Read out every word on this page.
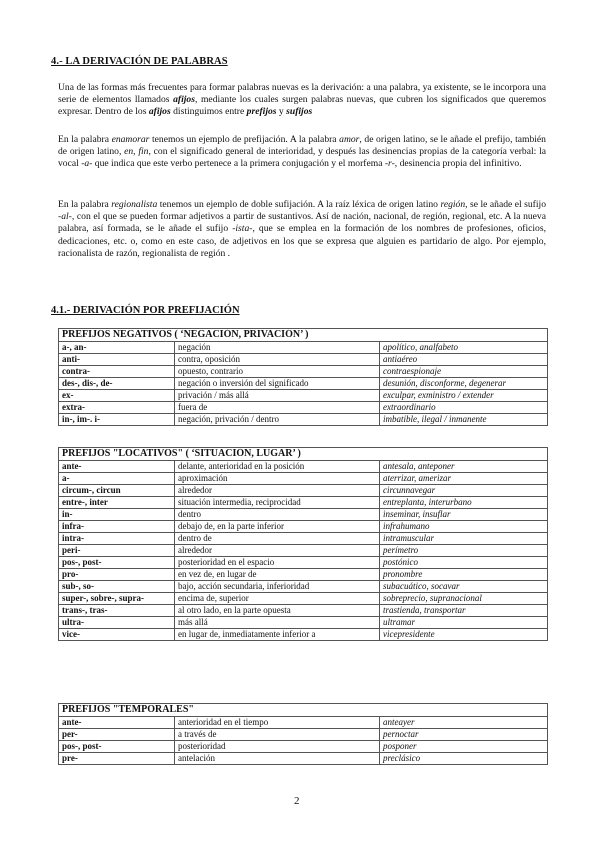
4.- LA DERIVACIÓN DE PALABRAS

Una de las formas más frecuentes para formar palabras nuevas es la derivación: a una palabra, ya existente, se le incorpora una serie de elementos llamados afijos, mediante los cuales surgen palabras nuevas, que cubren los significados que queremos expresar. Dentro de los afijos distinguimos entre prefijos y sufijos

En la palabra enamorar tenemos un ejemplo de prefijación. A la palabra amor, de origen latino, se le añade el prefijo, también de origen latino, en, fin, con el significado general de interioridad, y después las desinencias propias de la categoría verbal: la vocal -a- que indica que este verbo pertenece a la primera conjugación y el morfema -r-, desinencia propia del infinitivo.

En la palabra regionalista tenemos un ejemplo de doble sufijación. A la raíz léxica de origen latino región, se le añade el sufijo -al-, con el que se pueden formar adjetivos a partir de sustantivos. Así de nación, nacional, de región, regional, etc. A la nueva palabra, así formada, se le añade el sufijo -ista-, que se emplea en la formación de los nombres de profesiones, oficios, dedicaciones, etc. o, como en este caso, de adjetivos en los que se expresa que alguien es partidario de algo. Por ejemplo, racionalista de razón, regionalista de región .

4.1.- DERIVACIÓN POR PREFIJACIÓN
PREFIJOS NEGATIVOS ( ‘NEGACIÓN, PRIVACIÓN’ )		
a-, an-	negación	apolítico, analfabeto
anti-	contra, oposición	antiaéreo
contra-	opuesto, contrario	contraespionaje
des-, dis-, de-	negación o inversión del significado	desunión, disconforme, degenerar
ex-	privación / más allá	exculpar, exministro / extender
extra-	fuera de	extraordinario
in-, im-. i-	negación, privación / dentro	imbatible, ilegal / inmanente
PREFIJOS "LOCATIVOS" ( ‘SITUACIÓN, LUGAR’ )		
ante-	delante, anterioridad en la posición	antesala, anteponer
a-	aproximación	aterrizar, amerizar
circum-, circun	alrededor	circunnavegar
entre-, inter	situación intermedia, reciprocidad	entreplanta, interurbano
in-	dentro	inseminar, insuflar
infra-	debajo de, en la parte inferior	infrahumano
intra-	dentro de	intramuscular
peri-	alrededor	perímetro
pos-, post-	posterioridad en el espacio	postónico
pro-	en vez de, en lugar de	pronombre
sub-, so-	bajo, acción secundaria, inferioridad	subacuático, socavar
super-, sobre-, supra-	encima de, superior	sobreprecio, supranacional
trans-, tras-	al otro lado, en la parte opuesta	trastienda, transportar
ultra-	más allá	ultramar
vice-	en lugar de, inmediatamente inferior a	vicepresidente
PREFIJOS "TEMPORALES"		
ante-	anterioridad en el tiempo	anteayer
per-	a través de	pernoctar
pos-, post-	posterioridad	posponer
pre-	antelación	preclásico
2
